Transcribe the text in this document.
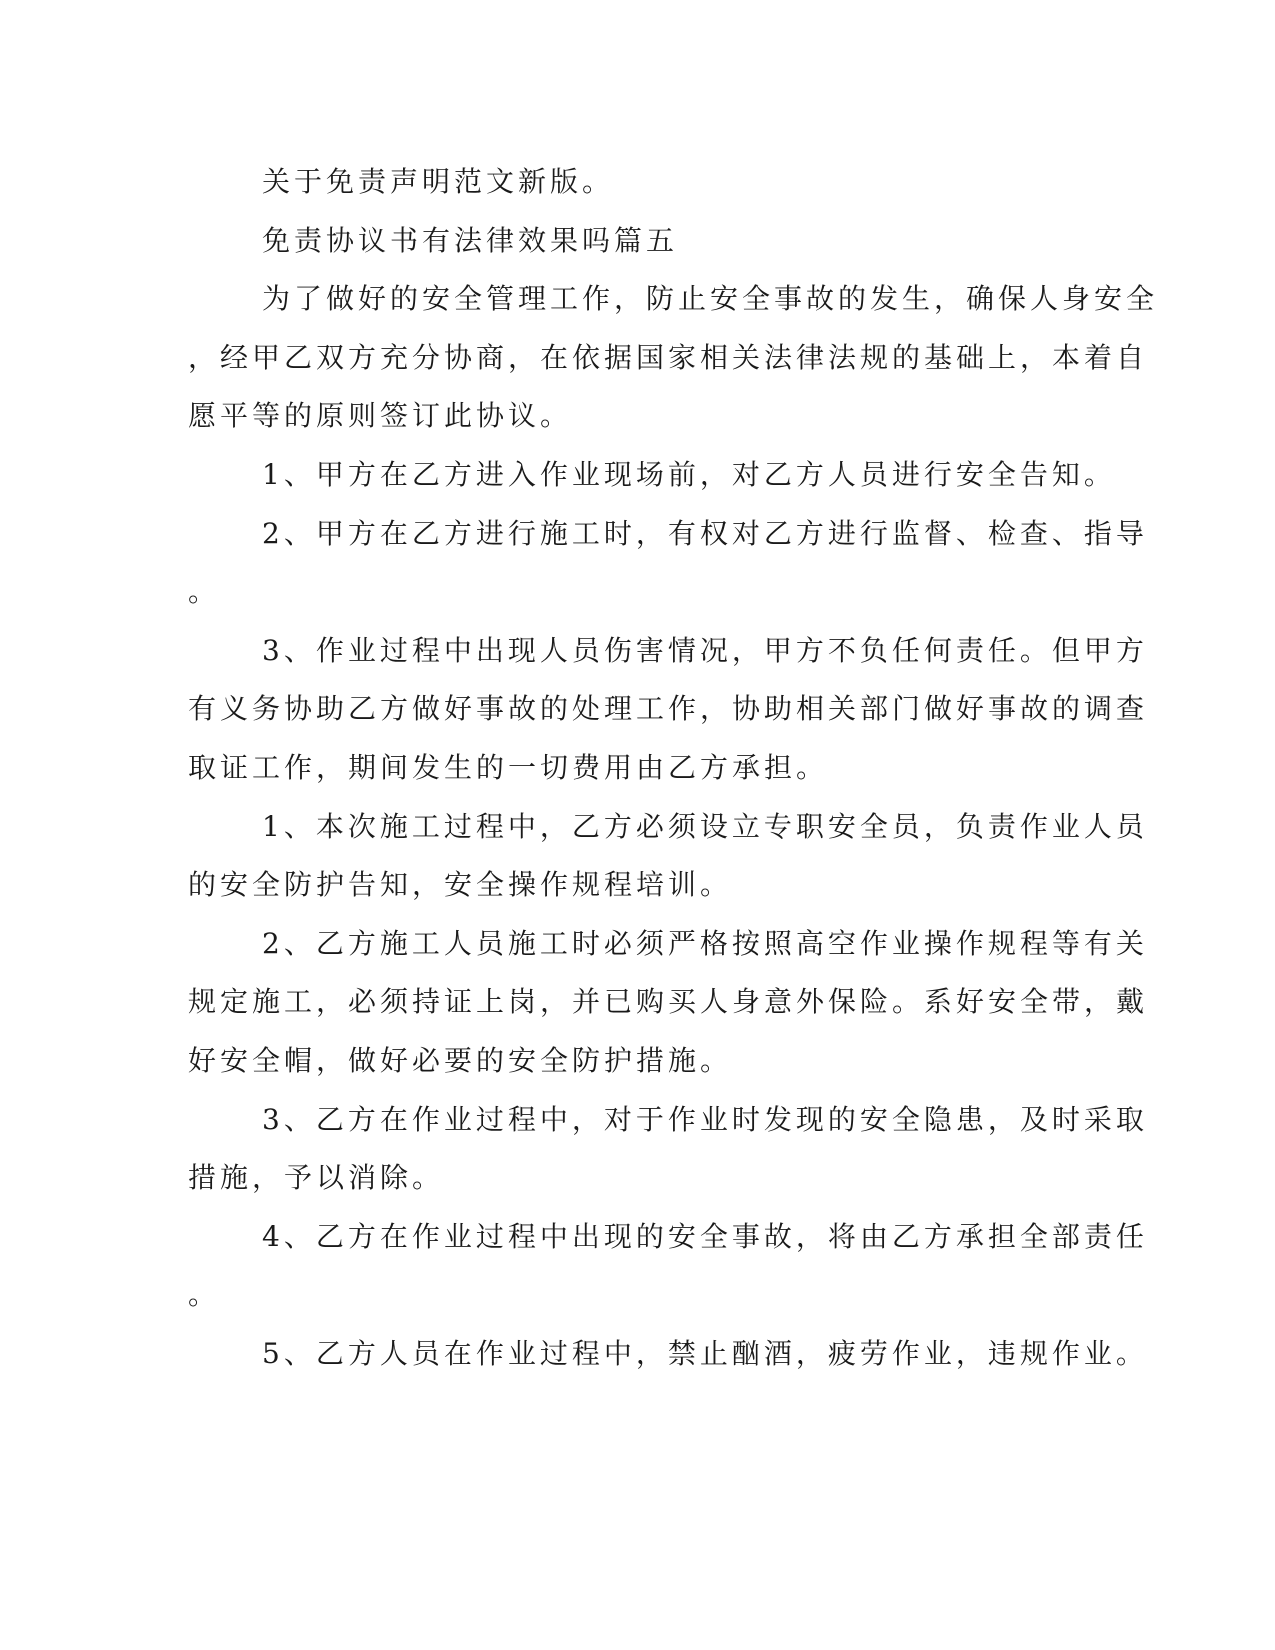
关于免责声明范文新版。
免责协议书有法律效果吗篇五
为了做好的安全管理工作，防止安全事故的发生，确保人身安全
，经甲乙双方充分协商，在依据国家相关法律法规的基础上，本着自
愿平等的原则签订此协议。
1、甲方在乙方进入作业现场前，对乙方人员进行安全告知。
2、甲方在乙方进行施工时，有权对乙方进行监督、检查、指导
。
3、作业过程中出现人员伤害情况，甲方不负任何责任。但甲方
有义务协助乙方做好事故的处理工作，协助相关部门做好事故的调查
取证工作，期间发生的一切费用由乙方承担。
1、本次施工过程中，乙方必须设立专职安全员，负责作业人员
的安全防护告知，安全操作规程培训。
2、乙方施工人员施工时必须严格按照高空作业操作规程等有关
规定施工，必须持证上岗，并已购买人身意外保险。系好安全带，戴
好安全帽，做好必要的安全防护措施。
3、乙方在作业过程中，对于作业时发现的安全隐患，及时采取
措施，予以消除。
4、乙方在作业过程中出现的安全事故，将由乙方承担全部责任
。
5、乙方人员在作业过程中，禁止酗酒，疲劳作业，违规作业。
